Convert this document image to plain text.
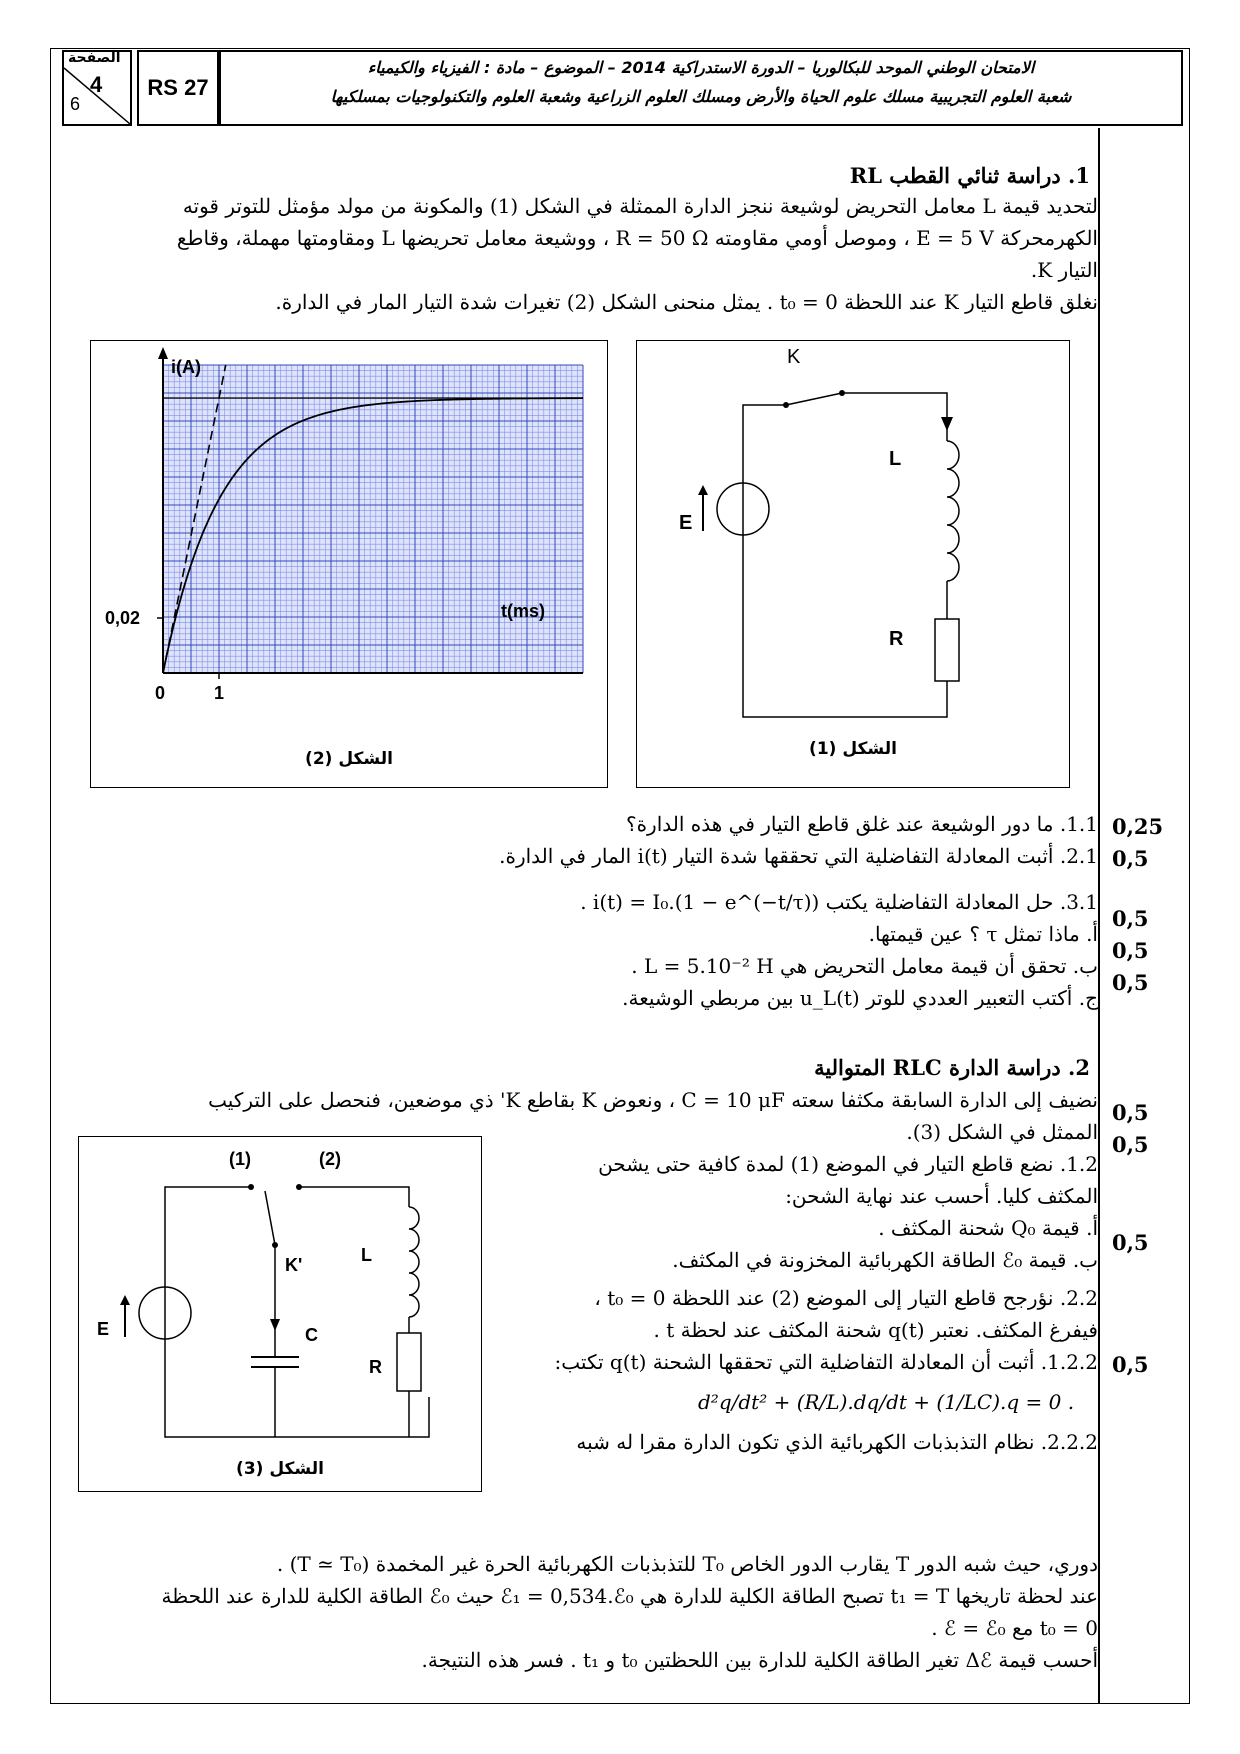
الصفحة
4
6
RS 27
الامتحان الوطني الموحد للبكالوريا – الدورة الاستدراكية 2014 – الموضوع – مادة : الفيزياء والكيمياء
شعبة العلوم التجريبية مسلك علوم الحياة والأرض ومسلك العلوم الزراعية وشعبة العلوم والتكنولوجيات بمسلكيها
1. دراسة ثنائي القطب RL
لتحديد قيمة L معامل التحريض لوشيعة ننجز الدارة الممثلة في الشكل (1) والمكونة من مولد مؤمثل للتوتر قوته
الكهرمحركة E = 5 V ، وموصل أومي مقاومته R = 50 Ω ، ووشيعة معامل تحريضها L ومقاومتها مهملة، وقاطع
التيار K.
نغلق قاطع التيار K عند اللحظة t₀ = 0 . يمثل منحنى الشكل (2) تغيرات شدة التيار المار في الدارة.
0,02
0	1
i(A)
t(ms)
الشكل (2)
K
L
E
R
الشكل (1)
1.1. ما دور الوشيعة عند غلق قاطع التيار في هذه الدارة؟
2.1. أثبت المعادلة التفاضلية التي تحققها شدة التيار i(t) المار في الدارة.
3.1. حل المعادلة التفاضلية يكتب i(t) = I₀.(1 − e^(−t/τ)) .
أ. ماذا تمثل τ ؟ عين قيمتها.
ب. تحقق أن قيمة معامل التحريض هي L = 5.10⁻² H .
ج. أكتب التعبير العددي للوتر u_L(t) بين مربطي الوشيعة.
2. دراسة الدارة RLC المتوالية
نضيف إلى الدارة السابقة مكثفا سعته C = 10 μF ، ونعوض K بقاطع K' ذي موضعين، فنحصل على التركيب
الممثل في الشكل (3).
1.2. نضع قاطع التيار في الموضع (1) لمدة كافية حتى يشحن
المكثف كليا. أحسب عند نهاية الشحن:
أ. قيمة Q₀ شحنة المكثف .
ب. قيمة ℰ₀ الطاقة الكهربائية المخزونة في المكثف.
2.2. نؤرجح قاطع التيار إلى الموضع (2) عند اللحظة t₀ = 0 ،
فيفرغ المكثف. نعتبر q(t) شحنة المكثف عند لحظة t .
1.2.2. أثبت أن المعادلة التفاضلية التي تحققها الشحنة q(t) تكتب:
d²q/dt² + (R/L).dq/dt + (1/LC).q = 0 .
2.2.2. نظام التذبذبات الكهربائية الذي تكون الدارة مقرا له شبه
دوري، حيث شبه الدور T يقارب الدور الخاص T₀ للتذبذبات الكهربائية الحرة غير المخمدة (T ≃ T₀) .
عند لحظة تاريخها t₁ = T تصبح الطاقة الكلية للدارة هي ℰ₁ = 0,534.ℰ₀ حيث ℰ₀ الطاقة الكلية للدارة عند اللحظة
t₀ = 0 مع ℰ = ℰ₀ .
أحسب قيمة Δℰ تغير الطاقة الكلية للدارة بين اللحظتين t₀ و t₁ . فسر هذه النتيجة.
(1)	(2)
E
K'
C
L
R
الشكل (3)
0,25
0,5
0,5
0,5
0,5
0,5
0,5
0,5
0,5
